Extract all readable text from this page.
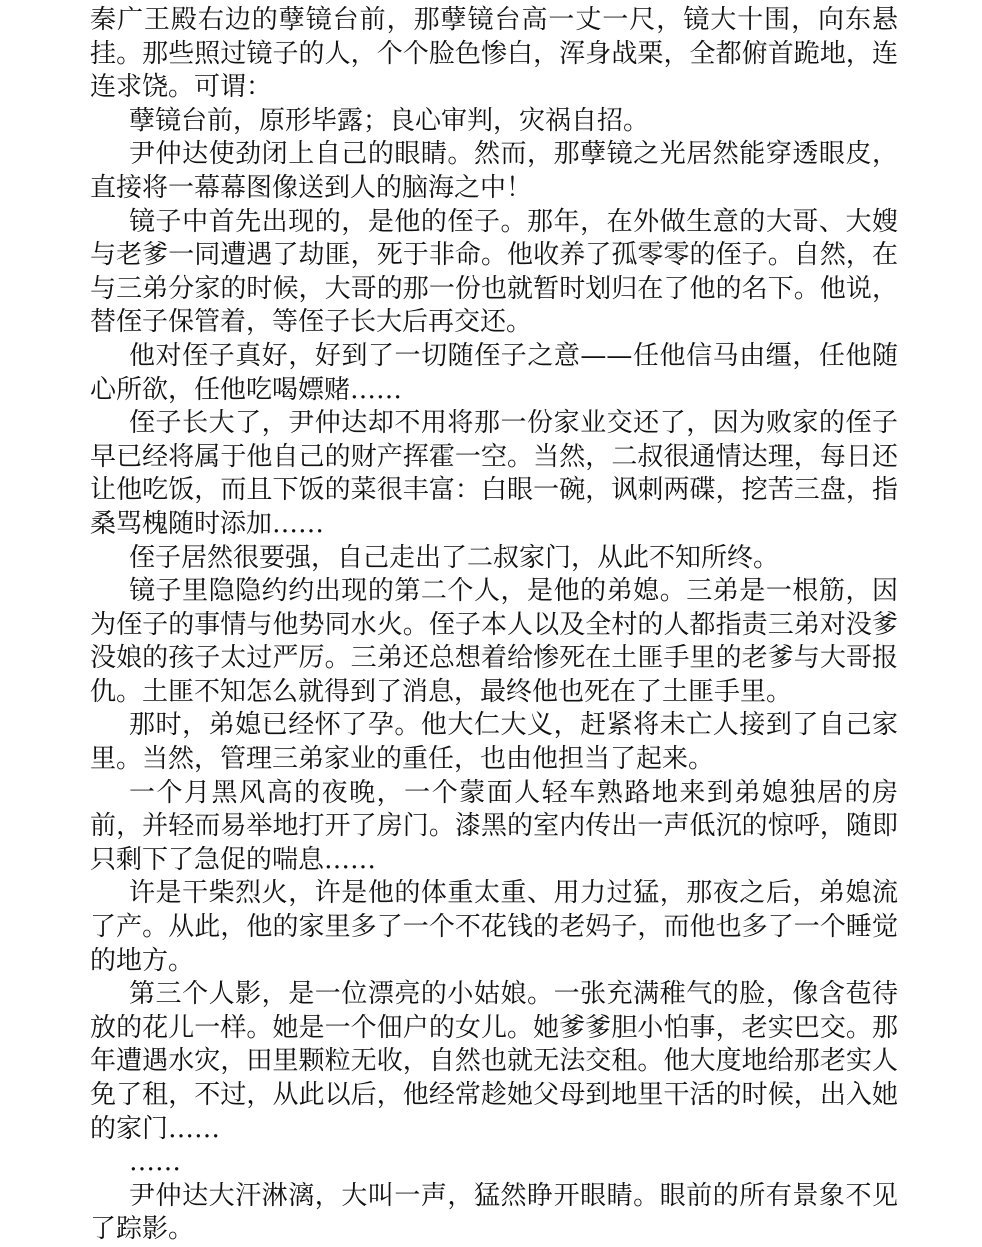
秦广王殿右边的孽镜台前，那孽镜台高一丈一尺，镜大十围，向东悬挂。那些照过镜子的人，个个脸色惨白，浑身战栗，全都俯首跪地，连连求饶。可谓：

孽镜台前，原形毕露；良心审判，灾祸自招。

尹仲达使劲闭上自己的眼睛。然而，那孽镜之光居然能穿透眼皮，直接将一幕幕图像送到人的脑海之中！

镜子中首先出现的，是他的侄子。那年，在外做生意的大哥、大嫂与老爹一同遭遇了劫匪，死于非命。他收养了孤零零的侄子。自然，在与三弟分家的时候，大哥的那一份也就暂时划归在了他的名下。他说，替侄子保管着，等侄子长大后再交还。

他对侄子真好，好到了一切随侄子之意——任他信马由缰，任他随心所欲，任他吃喝嫖赌……

侄子长大了，尹仲达却不用将那一份家业交还了，因为败家的侄子早已经将属于他自己的财产挥霍一空。当然，二叔很通情达理，每日还让他吃饭，而且下饭的菜很丰富：白眼一碗，讽刺两碟，挖苦三盘，指桑骂槐随时添加……

侄子居然很要强，自己走出了二叔家门，从此不知所终。

镜子里隐隐约约出现的第二个人，是他的弟媳。三弟是一根筋，因为侄子的事情与他势同水火。侄子本人以及全村的人都指责三弟对没爹没娘的孩子太过严厉。三弟还总想着给惨死在土匪手里的老爹与大哥报仇。土匪不知怎么就得到了消息，最终他也死在了土匪手里。

那时，弟媳已经怀了孕。他大仁大义，赶紧将未亡人接到了自己家里。当然，管理三弟家业的重任，也由他担当了起来。

一个月黑风高的夜晚，一个蒙面人轻车熟路地来到弟媳独居的房前，并轻而易举地打开了房门。漆黑的室内传出一声低沉的惊呼，随即只剩下了急促的喘息……

许是干柴烈火，许是他的体重太重、用力过猛，那夜之后，弟媳流了产。从此，他的家里多了一个不花钱的老妈子，而他也多了一个睡觉的地方。

第三个人影，是一位漂亮的小姑娘。一张充满稚气的脸，像含苞待放的花儿一样。她是一个佃户的女儿。她爹爹胆小怕事，老实巴交。那年遭遇水灾，田里颗粒无收，自然也就无法交租。他大度地给那老实人免了租，不过，从此以后，他经常趁她父母到地里干活的时候，出入她的家门……

……

尹仲达大汗淋漓，大叫一声，猛然睁开眼睛。眼前的所有景象不见了踪影。
